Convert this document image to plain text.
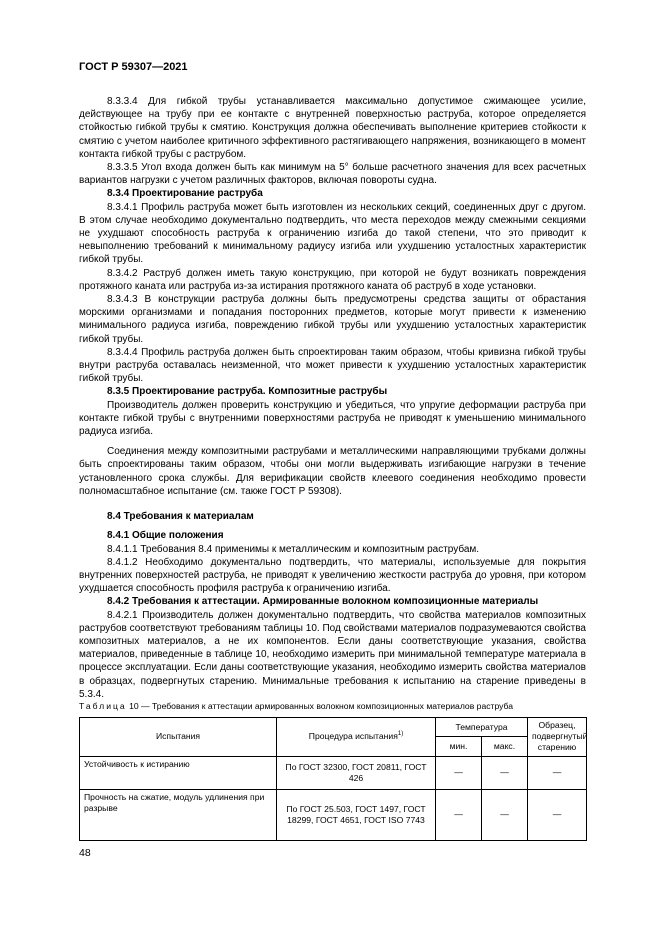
ГОСТ Р 59307—2021

8.3.3.4 Для гибкой трубы устанавливается максимально допустимое сжимающее усилие, действующее на трубу при ее контакте с внутренней поверхностью раструба, которое определяется стойкостью гибкой трубы к смятию. Конструкция должна обеспечивать выполнение критериев стойкости к смятию с учетом наиболее критичного эффективного растягивающего напряжения, возникающего в момент контакта гибкой трубы с раструбом.

8.3.3.5 Угол входа должен быть как минимум на 5° больше расчетного значения для всех расчетных вариантов нагрузки с учетом различных факторов, включая повороты судна.

8.3.4 Проектирование раструба

8.3.4.1 Профиль раструба может быть изготовлен из нескольких секций, соединенных друг с другом. В этом случае необходимо документально подтвердить, что места переходов между смежными секциями не ухудшают способность раструба к ограничению изгиба до такой степени, что это приводит к невыполнению требований к минимальному радиусу изгиба или ухудшению усталостных характеристик гибкой трубы.

8.3.4.2 Раструб должен иметь такую конструкцию, при которой не будут возникать повреждения протяжного каната или раструба из-за истирания протяжного каната об раструб в ходе установки.

8.3.4.3 В конструкции раструба должны быть предусмотрены средства защиты от обрастания морскими организмами и попадания посторонних предметов, которые могут привести к изменению минимального радиуса изгиба, повреждению гибкой трубы или ухудшению усталостных характеристик гибкой трубы.

8.3.4.4 Профиль раструба должен быть спроектирован таким образом, чтобы кривизна гибкой трубы внутри раструба оставалась неизменной, что может привести к ухудшению усталостных характеристик гибкой трубы.

8.3.5 Проектирование раструба. Композитные раструбы

Производитель должен проверить конструкцию и убедиться, что упругие деформации раструба при контакте гибкой трубы с внутренними поверхностями раструба не приводят к уменьшению минимального радиуса изгиба.

Соединения между композитными раструбами и металлическими направляющими трубками должны быть спроектированы таким образом, чтобы они могли выдерживать изгибающие нагрузки в течение установленного срока службы. Для верификации свойств клеевого соединения необходимо провести полномасштабное испытание (см. также ГОСТ Р 59308).

8.4 Требования к материалам

8.4.1 Общие положения

8.4.1.1 Требования 8.4 применимы к металлическим и композитным раструбам.

8.4.1.2 Необходимо документально подтвердить, что материалы, используемые для покрытия внутренних поверхностей раструба, не приводят к увеличению жесткости раструба до уровня, при котором ухудшается способность профиля раструба к ограничению изгиба.

8.4.2 Требования к аттестации. Армированные волокном композиционные материалы

8.4.2.1 Производитель должен документально подтвердить, что свойства материалов композитных раструбов соответствуют требованиям таблицы 10. Под свойствами материалов подразумеваются свойства композитных материалов, а не их компонентов. Если даны соответствующие указания, свойства материалов, приведенные в таблице 10, необходимо измерить при минимальной температуре материала в процессе эксплуатации. Если даны соответствующие указания, необходимо измерить свойства материалов в образцах, подвергнутых старению. Минимальные требования к испытанию на старение приведены в 5.3.4.

Таблица 10 — Требования к аттестации армированных волокном композиционных материалов раструба

Испытания	Процедура испытания$^{1)}$	Температура		Образец, подвергнутый старению
		мин.	макс.	
Устойчивость к истиранию	По ГОСТ 32300, ГОСТ 20811, ГОСТ 426	—	—	—
Прочность на сжатие, модуль удлинения при разрыве	По ГОСТ 25.503, ГОСТ 1497, ГОСТ 18299, ГОСТ 4651, ГОСТ ISO 7743	—	—	—
48
